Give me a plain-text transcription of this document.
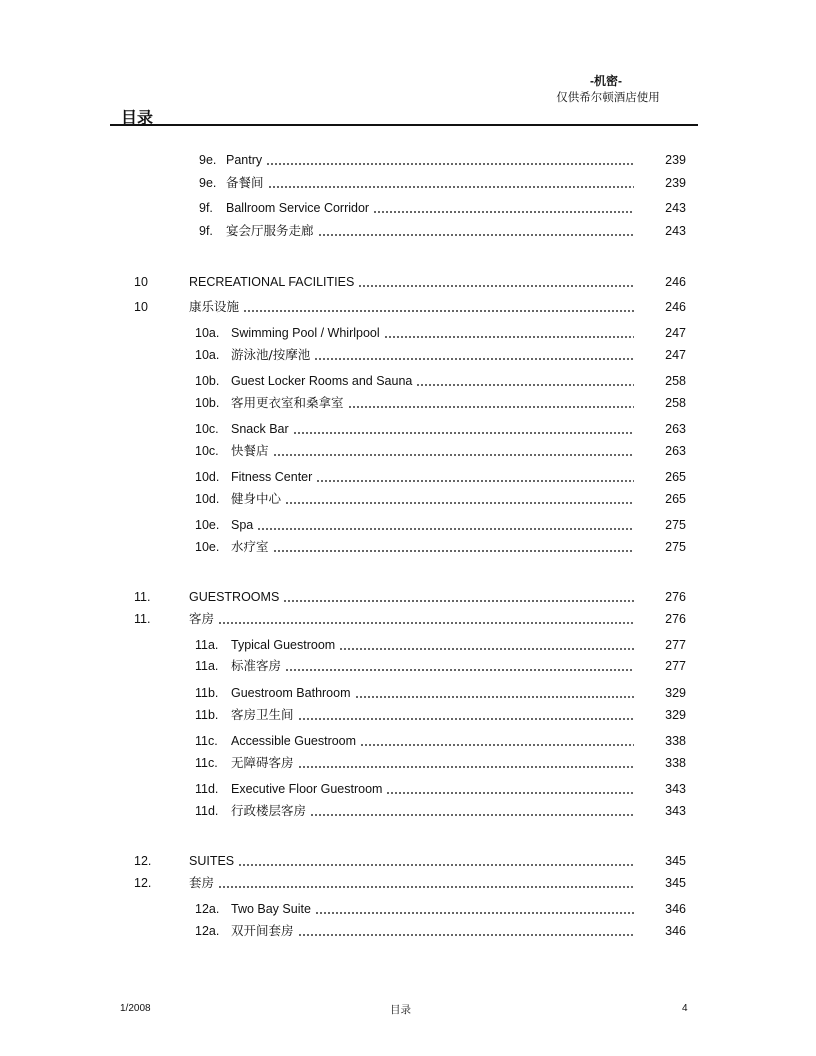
-机密-
仅供希尔顿酒店使用
目录
9e. Pantry	239
9e. 备餐间	239
9f. Ballroom Service Corridor	243
9f. 宴会厅服务走廊	243
10	RECREATIONAL FACILITIES	246
10	康乐设施	246
10a. Swimming Pool / Whirlpool	247
10a. 游泳池/按摩池	247
10b. Guest Locker Rooms and Sauna	258
10b. 客用更衣室和桑拿室	258
10c. Snack Bar	263
10c. 快餐店	263
10d. Fitness Center	265
10d. 健身中心	265
10e. Spa	275
10e. 水疗室	275
11.	GUESTROOMS	276
11.	客房	276
11a. Typical Guestroom	277
11a. 标准客房	277
11b. Guestroom Bathroom	329
11b. 客房卫生间	329
11c. Accessible Guestroom	338
11c. 无障碍客房	338
11d. Executive Floor Guestroom	343
11d. 行政楼层客房	343
12.	SUITES	345
12.	套房	345
12a. Two Bay Suite	346
12a. 双开间套房	346
1/2008	目录	4
